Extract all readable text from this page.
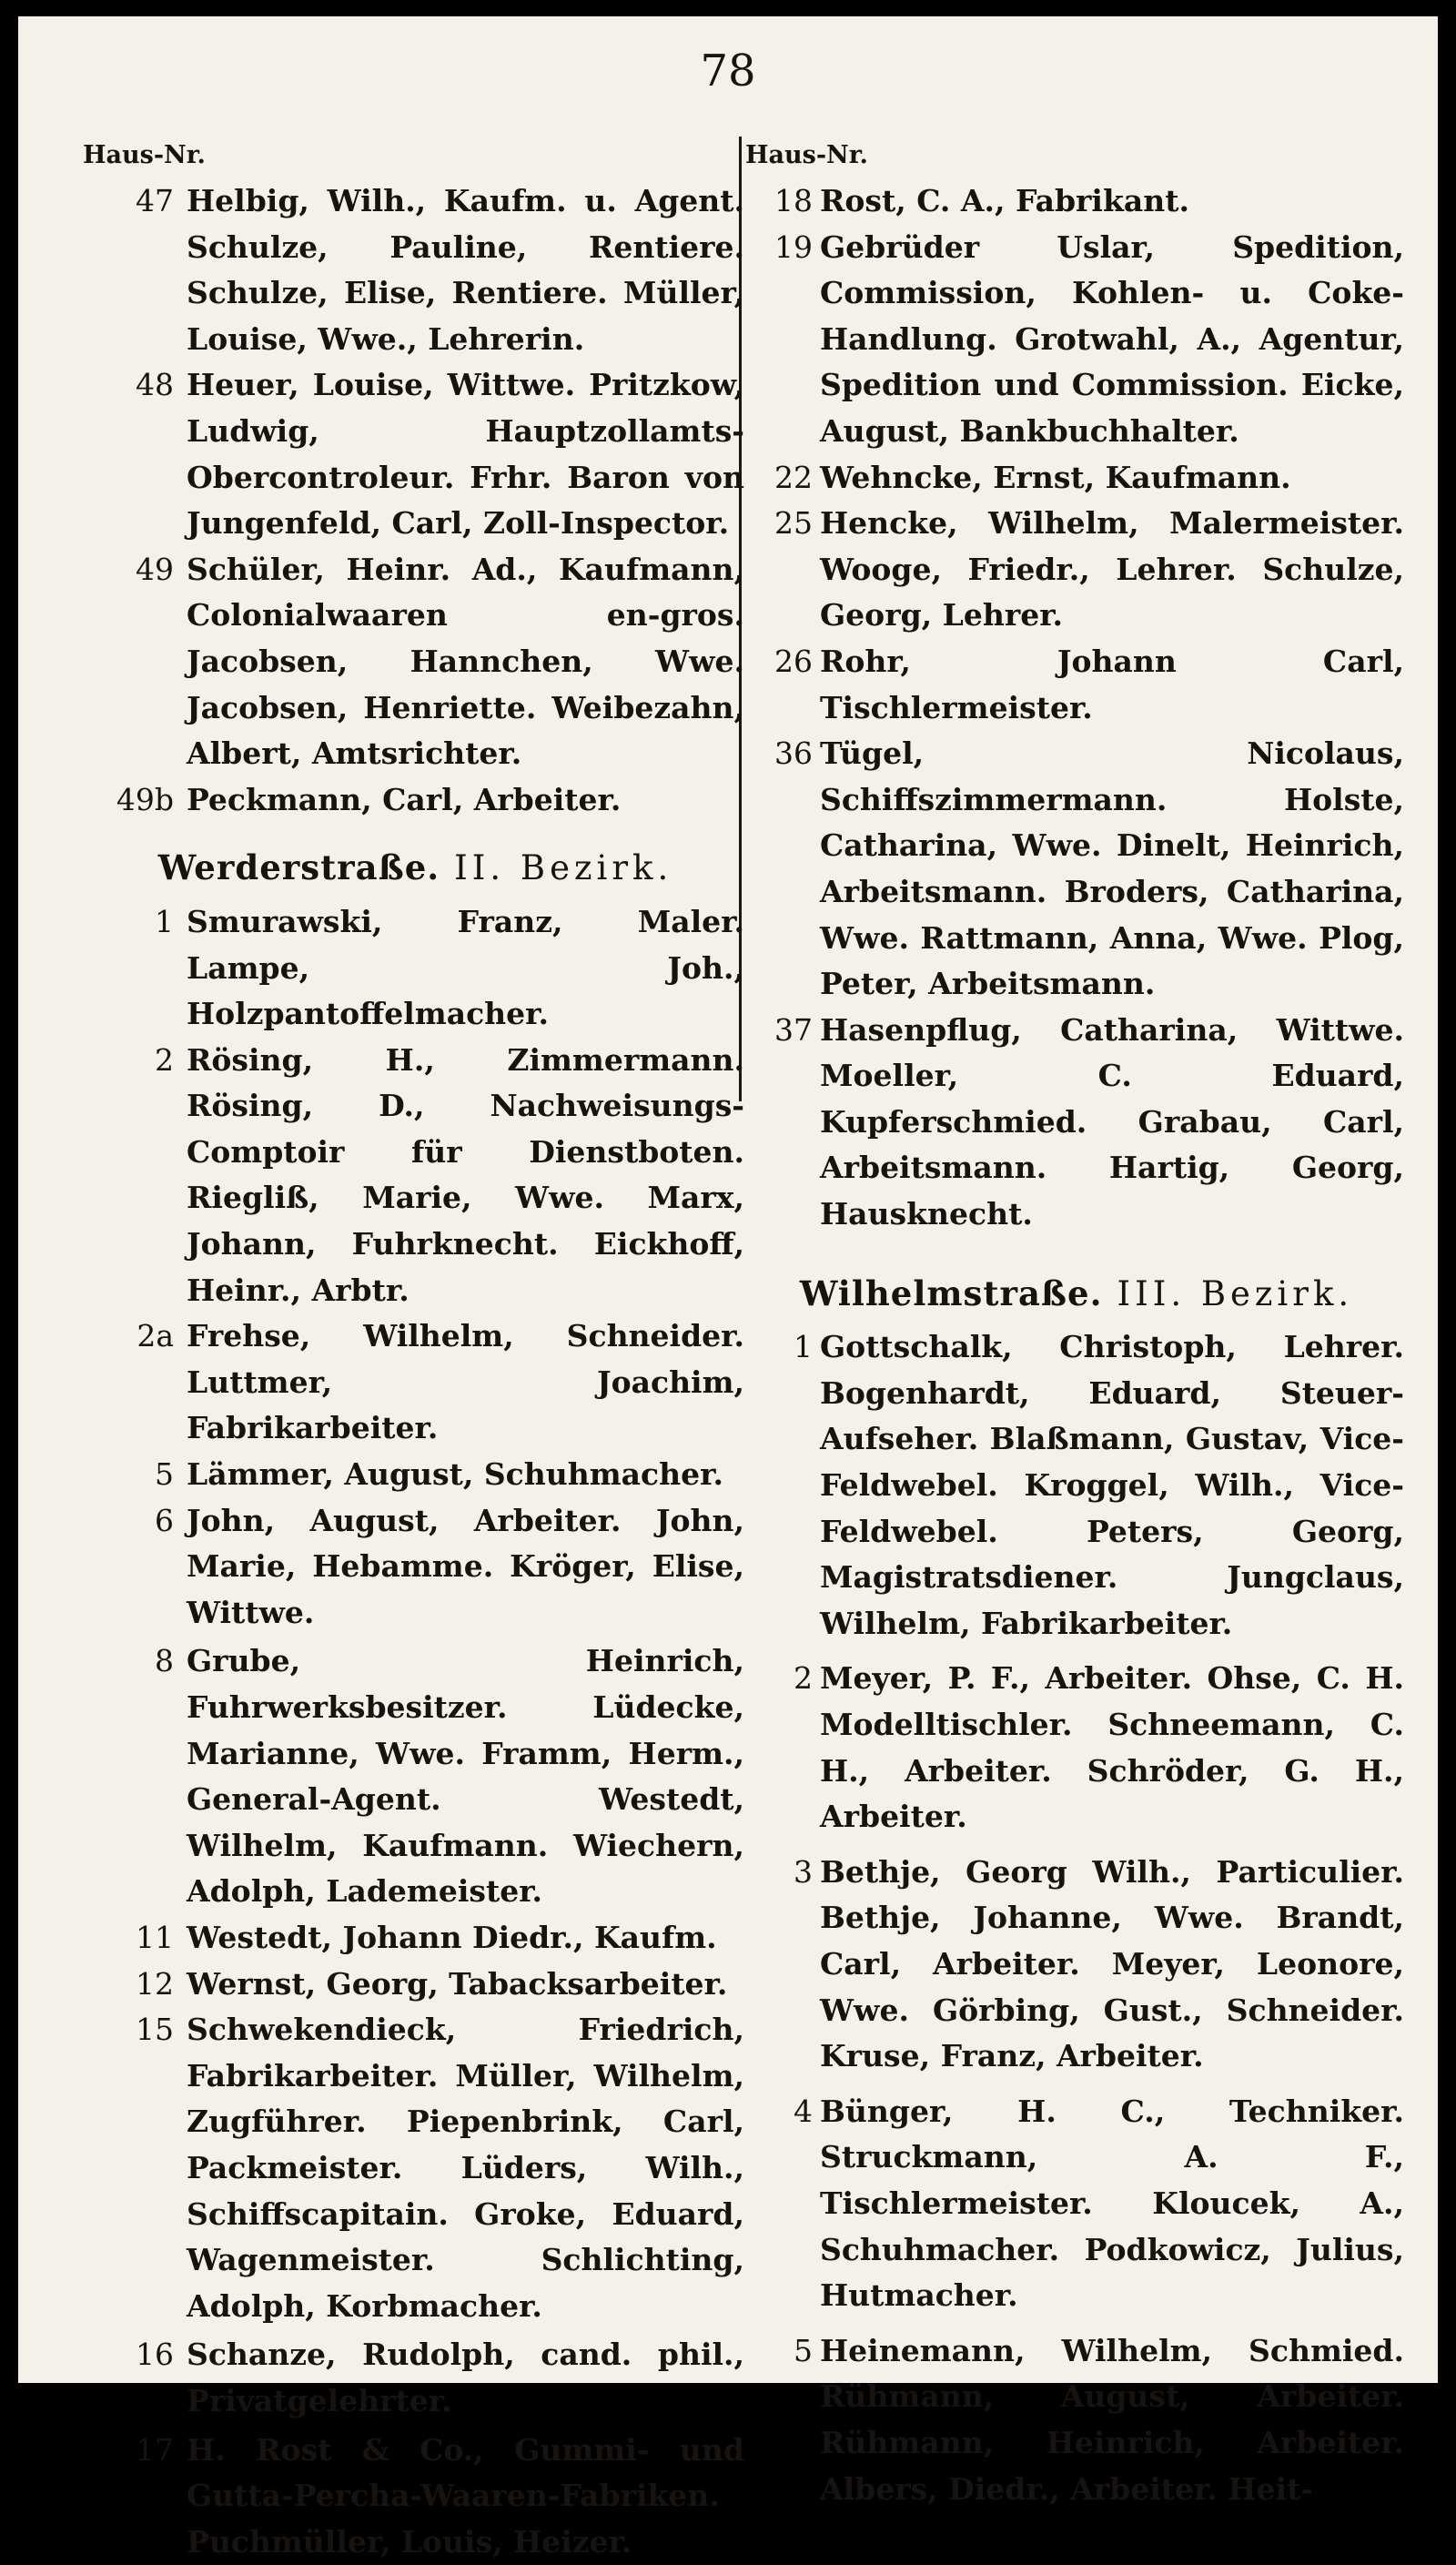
78
Haus-Nr.
47 Helbig, Wilh., Kaufm. u. Agent. Schulze, Pauline, Rentiere. Schulze, Elise, Rentiere. Müller, Louise, Wwe., Lehrerin.
48 Heuer, Louise, Wittwe. Pritzkow, Ludwig, Hauptzollamts-Obercontroleur. Frhr. Baron von Jungenfeld, Carl, Zoll-Inspector.
49 Schüler, Heinr. Ad., Kaufmann, Colonialwaaren en-gros. Jacobsen, Hannchen, Wwe. Jacobsen, Henriette. Weibezahn, Albert, Amtsrichter.
49b Peckmann, Carl, Arbeiter.
Werderstraße. II. Bezirk.
1 Smurawski, Franz, Maler. Lampe, Joh., Holzpantoffelmacher.
2 Rösing, H., Zimmermann. Rösing, D., Nachweisungs-Comptoir für Dienstboten. Riegliß, Marie, Wwe. Marx, Johann, Fuhrknecht. Eickhoff, Heinr., Arbtr.
2a Frehse, Wilhelm, Schneider. Luttmer, Joachim, Fabrikarbeiter.
5 Lämmer, August, Schuhmacher.
6 John, August, Arbeiter. John, Marie, Hebamme. Kröger, Elise, Wittwe.
8 Grube, Heinrich, Fuhrwerksbesitzer. Lüdecke, Marianne, Wwe. Framm, Herm., General-Agent. Westedt, Wilhelm, Kaufmann. Wiechern, Adolph, Lademeister.
11 Westedt, Johann Diedr., Kaufm.
12 Wernst, Georg, Tabacksarbeiter.
15 Schwekendieck, Friedrich, Fabrikarbeiter. Müller, Wilhelm, Zugführer. Piepenbrink, Carl, Packmeister. Lüders, Wilh., Schiffscapitain. Groke, Eduard, Wagenmeister. Schlichting, Adolph, Korbmacher.
16 Schanze, Rudolph, cand. phil., Privatgelehrter.
17 H. Rost & Co., Gummi- und Gutta-Percha-Waaren-Fabriken. Puchmüller, Louis, Heizer.
Haus-Nr.
18 Rost, C. A., Fabrikant.
19 Gebrüder Uslar, Spedition, Commission, Kohlen- u. Coke-Handlung. Grotwahl, A., Agentur, Spedition und Commission. Eicke, August, Bankbuchhalter.
22 Wehncke, Ernst, Kaufmann.
25 Hencke, Wilhelm, Malermeister. Wooge, Friedr., Lehrer. Schulze, Georg, Lehrer.
26 Rohr, Johann Carl, Tischlermeister.
36 Tügel, Nicolaus, Schiffszimmermann. Holste, Catharina, Wwe. Dinelt, Heinrich, Arbeitsmann. Broders, Catharina, Wwe. Rattmann, Anna, Wwe. Plog, Peter, Arbeitsmann.
37 Hasenpflug, Catharina, Wittwe. Moeller, C. Eduard, Kupferschmied. Grabau, Carl, Arbeitsmann. Hartig, Georg, Hausknecht.
Wilhelmstraße. III. Bezirk.
1 Gottschalk, Christoph, Lehrer. Bogenhardt, Eduard, Steuer-Aufseher. Blaßmann, Gustav, Vice-Feldwebel. Kroggel, Wilh., Vice-Feldwebel. Peters, Georg, Magistratsdiener. Jungclaus, Wilhelm, Fabrikarbeiter.
2 Meyer, P. F., Arbeiter. Ohse, C. H. Modelltischler. Schneemann, C. H., Arbeiter. Schröder, G. H., Arbeiter.
3 Bethje, Georg Wilh., Particulier. Bethje, Johanne, Wwe. Brandt, Carl, Arbeiter. Meyer, Leonore, Wwe. Görbing, Gust., Schneider. Kruse, Franz, Arbeiter.
4 Bünger, H. C., Techniker. Struckmann, A. F., Tischlermeister. Kloucek, A., Schuhmacher. Podkowicz, Julius, Hutmacher.
5 Heinemann, Wilhelm, Schmied. Rühmann, August, Arbeiter. Rühmann, Heinrich, Arbeiter. Albers, Diedr., Arbeiter. Heit-
